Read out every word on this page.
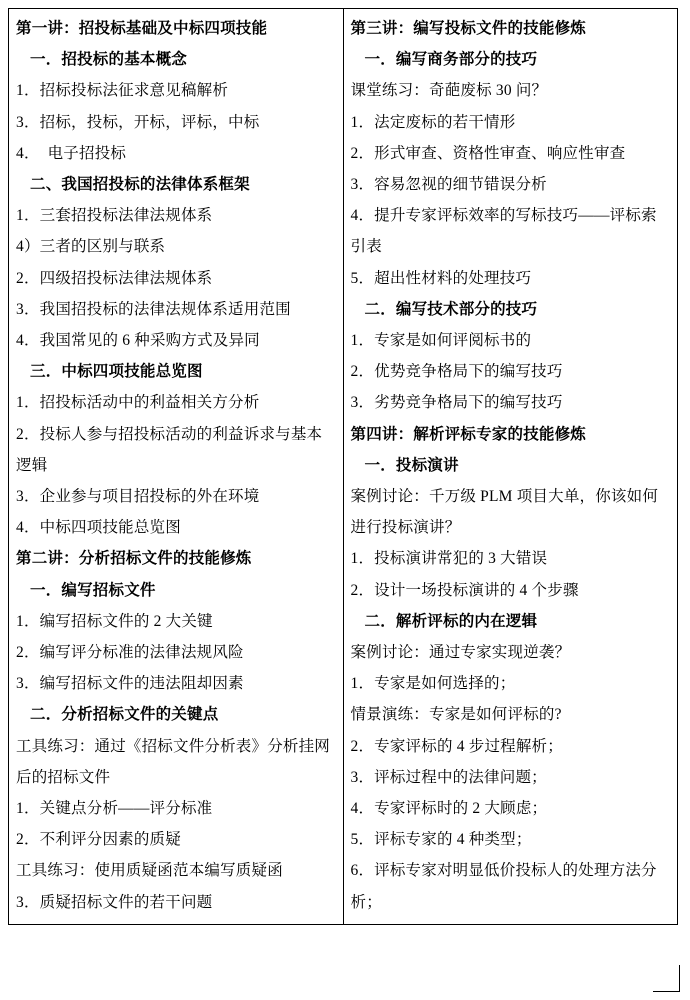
第一讲：招投标基础及中标四项技能
一．招投标的基本概念
1．招标投标法征求意见稿解析
3．招标，投标，开标，评标，中标
4．　电子招投标
二、我国招投标的法律体系框架
1．三套招投标法律法规体系
4）三者的区别与联系
2．四级招投标法律法规体系
3．我国招投标的法律法规体系适用范围
4．我国常见的 6 种采购方式及异同
三．中标四项技能总览图
1．招投标活动中的利益相关方分析
2．投标人参与招投标活动的利益诉求与基本逻辑
3．企业参与项目招投标的外在环境
4．中标四项技能总览图
第二讲：分析招标文件的技能修炼
一．编写招标文件
1．编写招标文件的 2 大关键
2．编写评分标准的法律法规风险
3．编写招标文件的违法阻却因素
二．分析招标文件的关键点
工具练习：通过《招标文件分析表》分析挂网后的招标文件
1．关键点分析——评分标准
2．不利评分因素的质疑
工具练习：使用质疑函范本编写质疑函
3．质疑招标文件的若干问题

第三讲：编写投标文件的技能修炼
一．编写商务部分的技巧
课堂练习：奇葩废标 30 问？
1．法定废标的若干情形
2．形式审查、资格性审查、响应性审查
3．容易忽视的细节错误分析
4．提升专家评标效率的写标技巧——评标索引表
5．超出性材料的处理技巧
二．编写技术部分的技巧
1．专家是如何评阅标书的
2．优势竞争格局下的编写技巧
3．劣势竞争格局下的编写技巧
第四讲：解析评标专家的技能修炼
一．投标演讲
案例讨论：千万级 PLM 项目大单，你该如何进行投标演讲？
1．投标演讲常犯的 3 大错误
2．设计一场投标演讲的 4 个步骤
二．解析评标的内在逻辑
案例讨论：通过专家实现逆袭？
1．专家是如何选择的；
情景演练：专家是如何评标的?
2．专家评标的 4 步过程解析；
3．评标过程中的法律问题；
4．专家评标时的 2 大顾虑；
5．评标专家的 4 种类型；
6．评标专家对明显低价投标人的处理方法分析；
